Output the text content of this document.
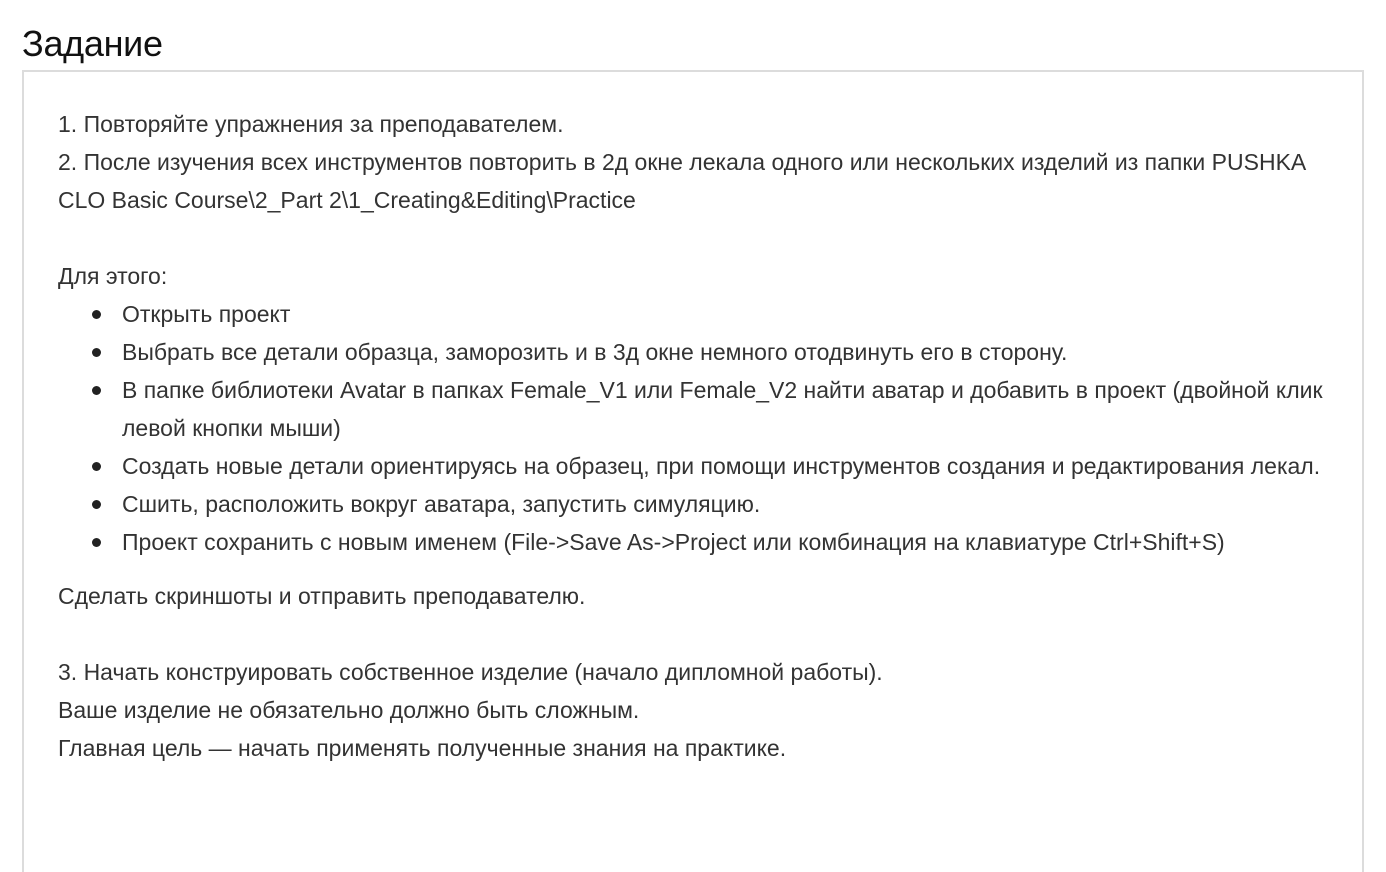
Задание

1. Повторяйте упражнения за преподавателем.

2. После изучения всех инструментов повторить в 2д окне лекала одного или нескольких изделий из папки PUSHKA CLO Basic Course\2_Part 2\1_Creating&Editing\Practice

Для этого:

Открыть проект
Выбрать все детали образца, заморозить и в 3д окне немного отодвинуть его в сторону.
В папке библиотеки Avatar в папках Female_V1 или Female_V2 найти аватар и добавить в проект (двойной клик левой кнопки мыши)
Создать новые детали ориентируясь на образец, при помощи инструментов создания и редактирования лекал.
Сшить, расположить вокруг аватара, запустить симуляцию.
Проект сохранить с новым именем (File->Save As->Project или комбинация на клавиатуре Ctrl+Shift+S)

Сделать скриншоты и отправить преподавателю.

3. Начать конструировать собственное изделие (начало дипломной работы).

Ваше изделие не обязательно должно быть сложным.

Главная цель — начать применять полученные знания на практике.
